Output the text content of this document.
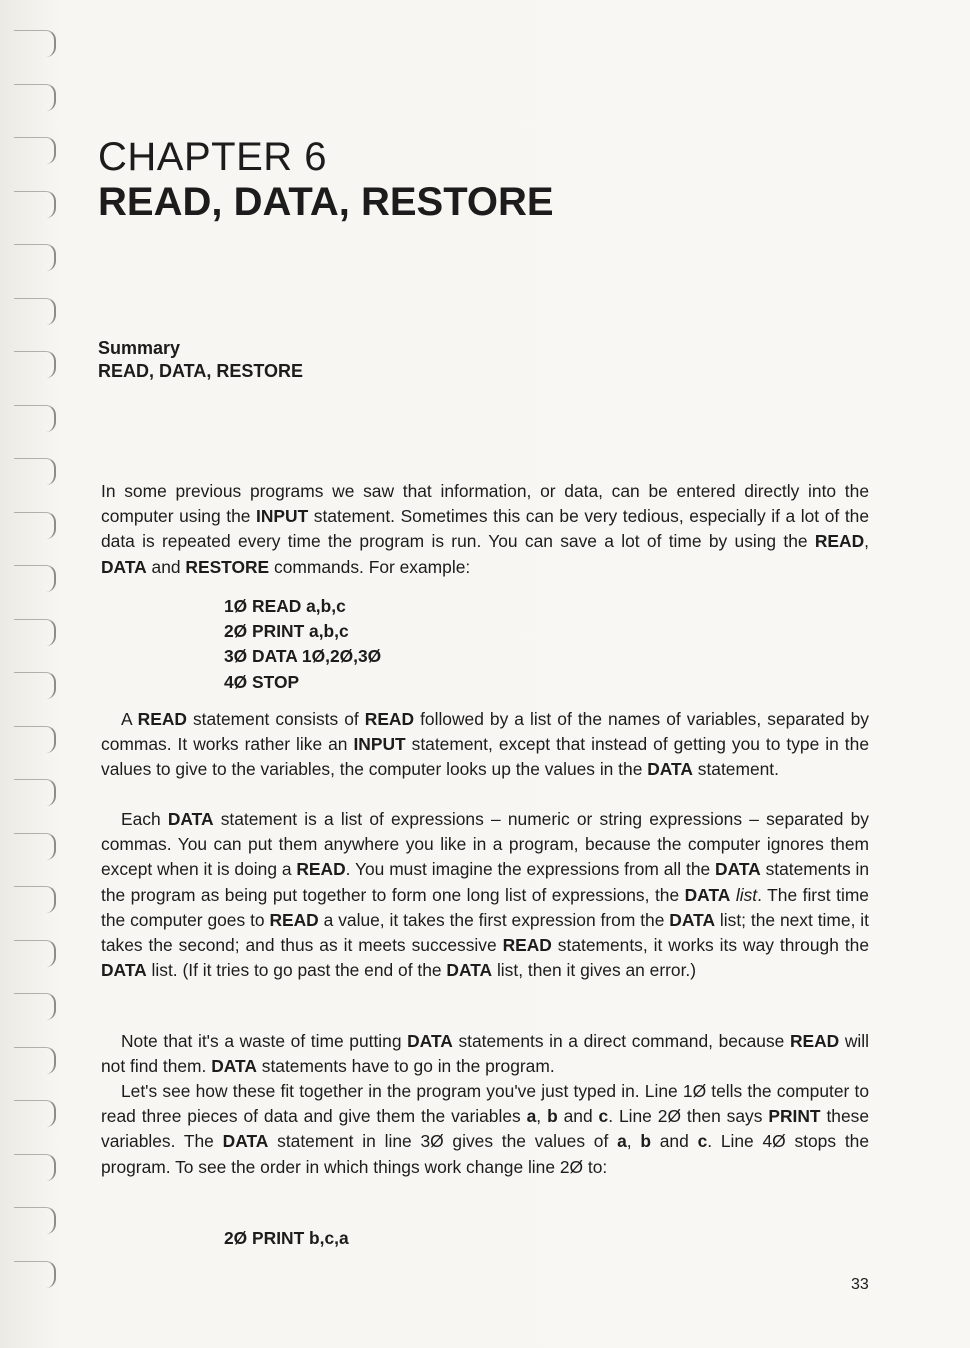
CHAPTER 6
READ, DATA, RESTORE
Summary
READ, DATA, RESTORE

In some previous programs we saw that information, or data, can be entered directly into the computer using the INPUT statement. Sometimes this can be very tedious, especially if a lot of the data is repeated every time the program is run. You can save a lot of time by using the READ, DATA and RESTORE commands. For example:

1Ø READ a,b,c
2Ø PRINT a,b,c
3Ø DATA 1Ø,2Ø,3Ø
4Ø STOP

A READ statement consists of READ followed by a list of the names of variables, separated by commas. It works rather like an INPUT statement, except that instead of getting you to type in the values to give to the variables, the computer looks up the values in the DATA statement.

Each DATA statement is a list of expressions – numeric or string expressions – separated by commas. You can put them anywhere you like in a program, because the computer ignores them except when it is doing a READ. You must imagine the expressions from all the DATA statements in the program as being put together to form one long list of expressions, the DATA list. The first time the computer goes to READ a value, it takes the first expression from the DATA list; the next time, it takes the second; and thus as it meets successive READ statements, it works its way through the DATA list. (If it tries to go past the end of the DATA list, then it gives an error.)

Note that it's a waste of time putting DATA statements in a direct command, because READ will not find them. DATA statements have to go in the program.

Let's see how these fit together in the program you've just typed in. Line 1Ø tells the computer to read three pieces of data and give them the variables a, b and c. Line 2Ø then says PRINT these variables. The DATA statement in line 3Ø gives the values of a, b and c. Line 4Ø stops the program. To see the order in which things work change line 2Ø to:

2Ø PRINT b,c,a
33
